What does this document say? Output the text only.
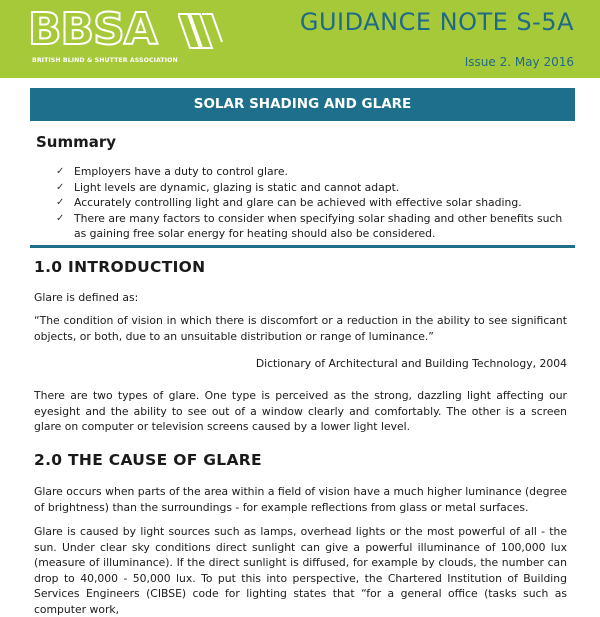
BBSA
BRITISH BLIND & SHUTTER ASSOCIATION
GUIDANCE NOTE S-5A
Issue 2. May 2016
SOLAR SHADING AND GLARE
Summary
✓ Employers have a duty to control glare.
✓ Light levels are dynamic, glazing is static and cannot adapt.
✓ Accurately controlling light and glare can be achieved with effective solar shading.
✓ There are many factors to consider when specifying solar shading and other benefits such as gaining free solar energy for heating should also be considered.
1.0 INTRODUCTION
Glare is defined as:
“The condition of vision in which there is discomfort or a reduction in the ability to see significant objects, or both, due to an unsuitable distribution or range of luminance.”
Dictionary of Architectural and Building Technology, 2004
There are two types of glare. One type is perceived as the strong, dazzling light affecting our eyesight and the ability to see out of a window clearly and comfortably. The other is a screen glare on computer or television screens caused by a lower light level.
2.0 THE CAUSE OF GLARE
Glare occurs when parts of the area within a field of vision have a much higher luminance (degree of brightness) than the surroundings - for example reflections from glass or metal surfaces.
Glare is caused by light sources such as lamps, overhead lights or the most powerful of all - the sun. Under clear sky conditions direct sunlight can give a powerful illuminance of 100,000 lux (measure of illuminance). If the direct sunlight is diffused, for example by clouds, the number can drop to 40,000 - 50,000 lux. To put this into perspective, the Chartered Institution of Building Services Engineers (CIBSE) code for lighting states that “for a general office (tasks such as computer work,
